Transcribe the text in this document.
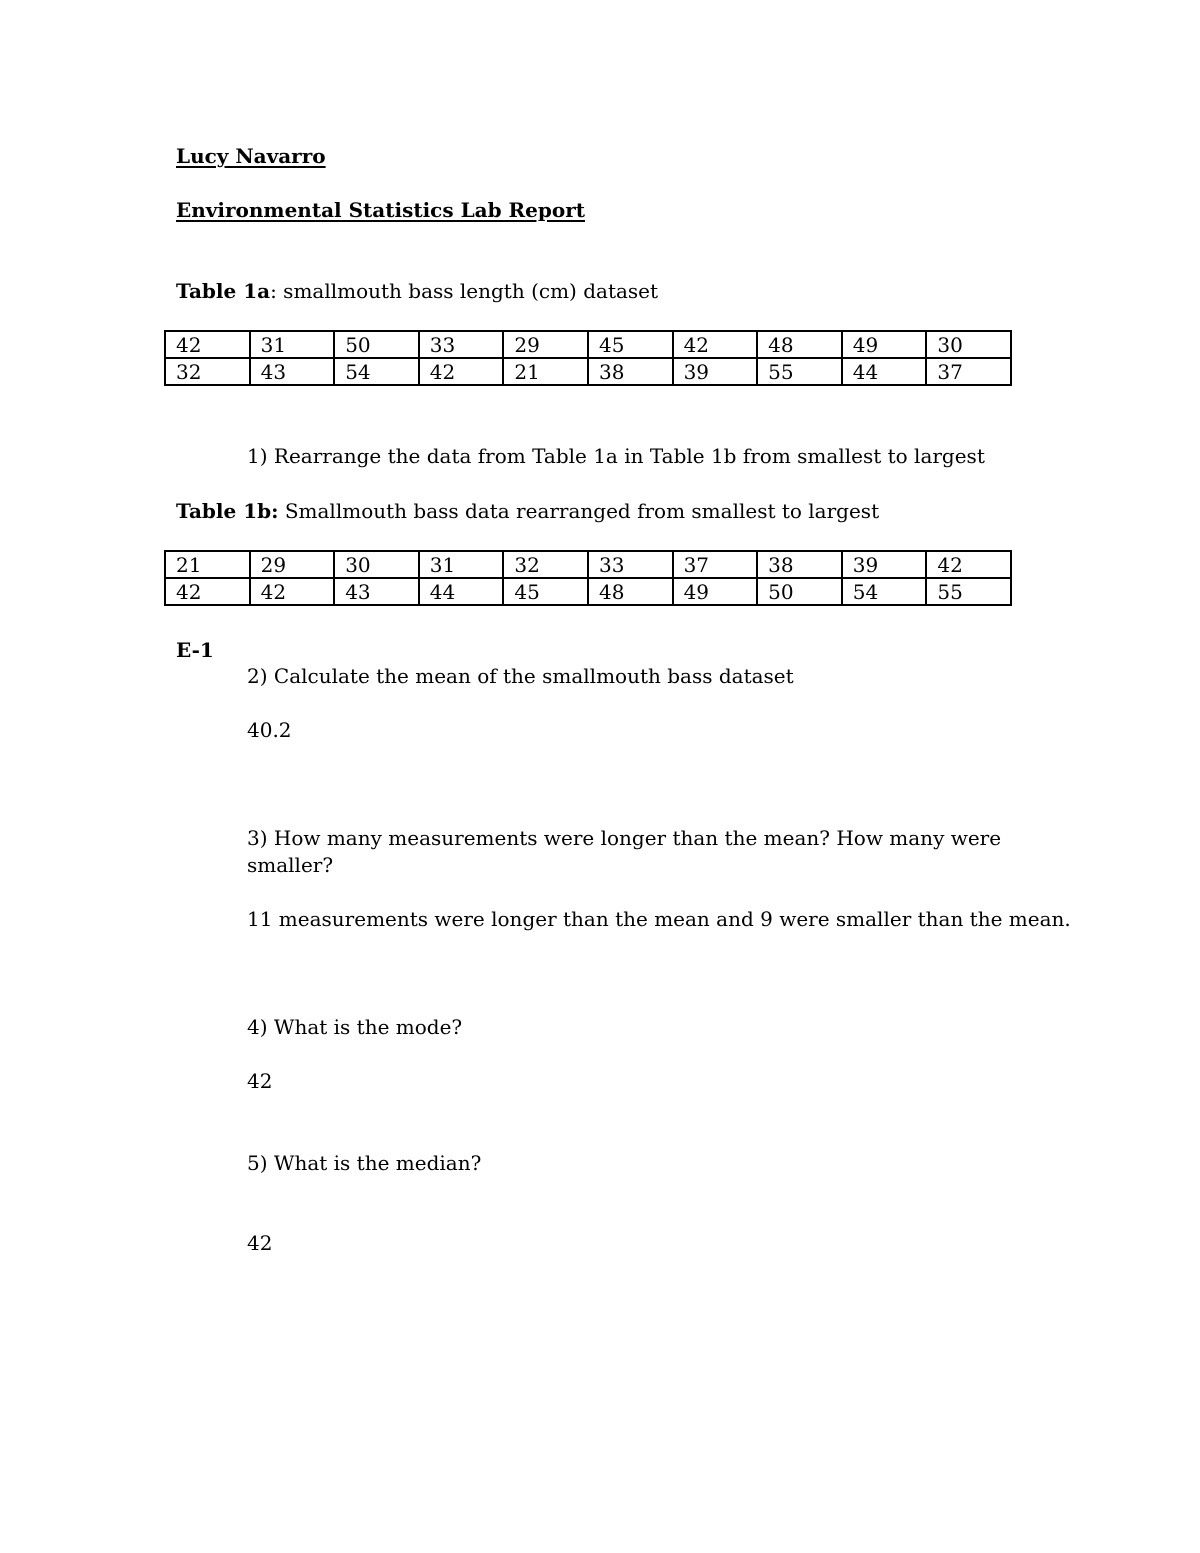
Lucy Navarro
Environmental Statistics Lab Report
Table 1a: smallmouth bass length (cm) dataset
42	31	50	33	29	45	42	48	49	30
32	43	54	42	21	38	39	55	44	37
1) Rearrange the data from Table 1a in Table 1b from smallest to largest
Table 1b: Smallmouth bass data rearranged from smallest to largest
21	29	30	31	32	33	37	38	39	42
42	42	43	44	45	48	49	50	54	55
E-1
2) Calculate the mean of the smallmouth bass dataset
40.2
3) How many measurements were longer than the mean? How many were
smaller?
11 measurements were longer than the mean and 9 were smaller than the mean.
4) What is the mode?
42
5) What is the median?
42
